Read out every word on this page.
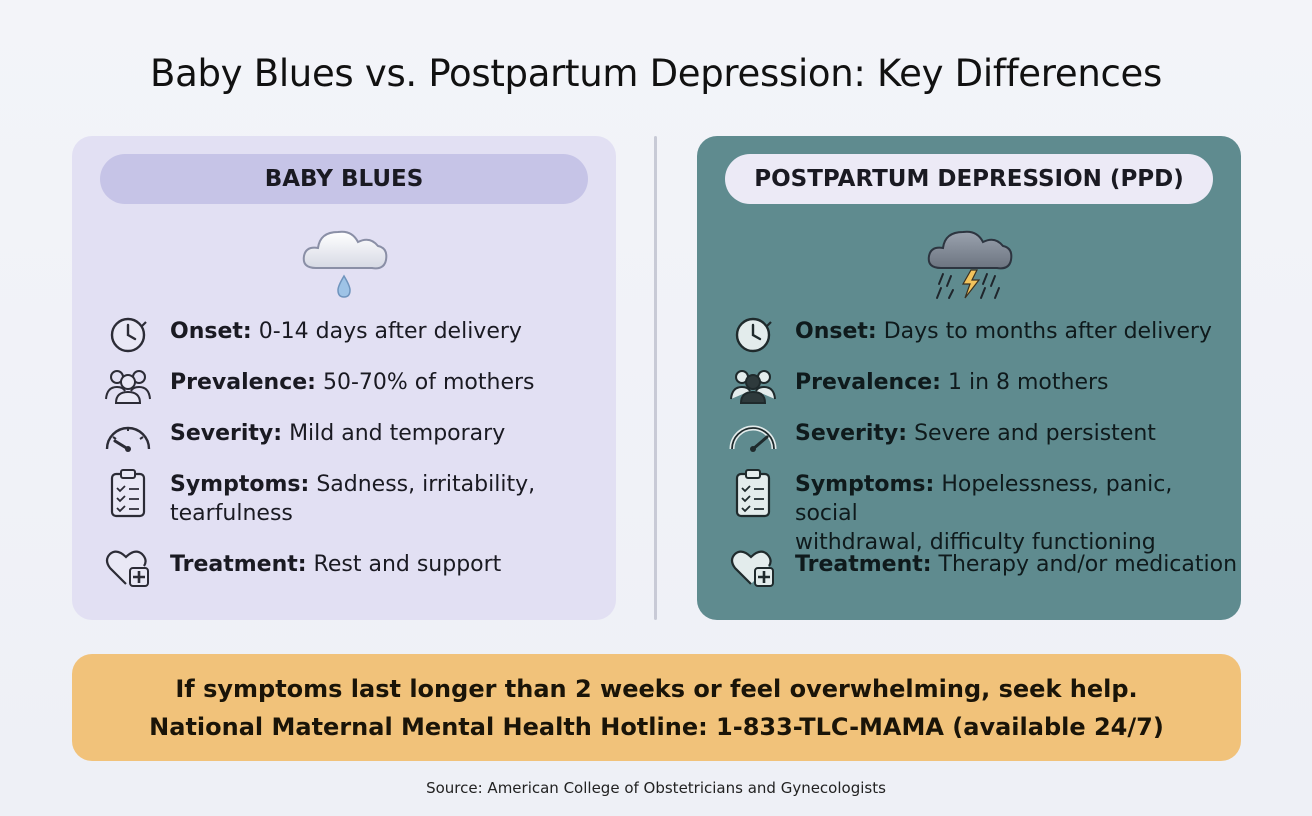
Baby Blues vs. Postpartum Depression: Key Differences
BABY BLUES
Onset: 0-14 days after delivery
Prevalence: 50-70% of mothers
Severity: Mild and temporary
Symptoms: Sadness, irritability,
tearfulness
Treatment: Rest and support
POSTPARTUM DEPRESSION (PPD)
Onset: Days to months after delivery
Prevalence: 1 in 8 mothers
Severity: Severe and persistent
Symptoms: Hopelessness, panic, social
withdrawal, difficulty functioning
Treatment: Therapy and/or medication
If symptoms last longer than 2 weeks or feel overwhelming, seek help.
National Maternal Mental Health Hotline: 1-833-TLC-MAMA (available 24/7)
Source: American College of Obstetricians and Gynecologists
